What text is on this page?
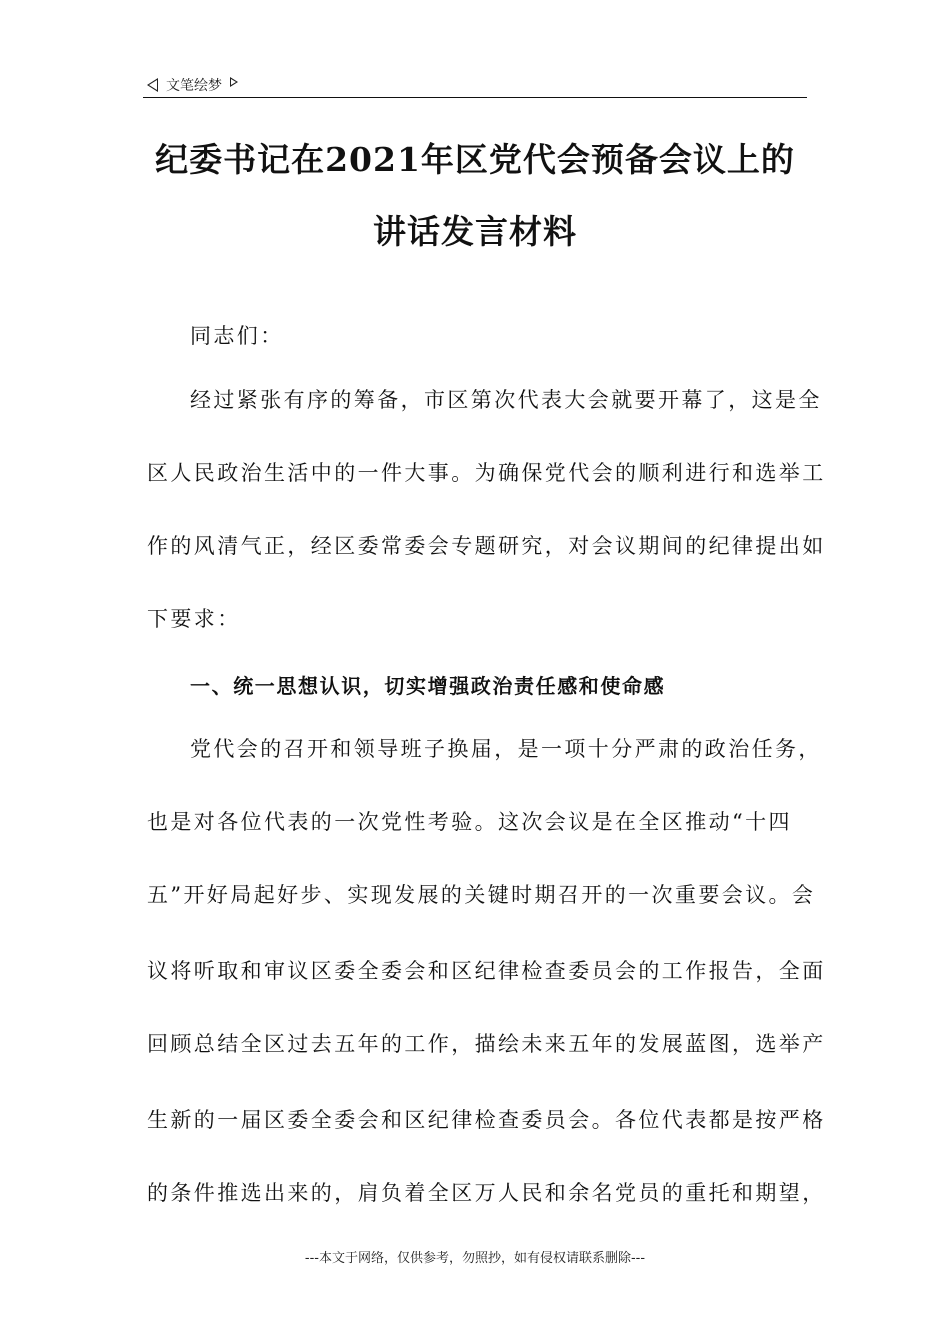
文笔绘梦
纪委书记在2021年区党代会预备会议上的
讲话发言材料
同志们：
经过紧张有序的筹备，市区第次代表大会就要开幕了，这是全
区人民政治生活中的一件大事。为确保党代会的顺利进行和选举工
作的风清气正，经区委常委会专题研究，对会议期间的纪律提出如
下要求：
一、统一思想认识，切实增强政治责任感和使命感
党代会的召开和领导班子换届，是一项十分严肃的政治任务，
也是对各位代表的一次党性考验。这次会议是在全区推动“十四
五”开好局起好步、实现发展的关键时期召开的一次重要会议。会
议将听取和审议区委全委会和区纪律检查委员会的工作报告，全面
回顾总结全区过去五年的工作，描绘未来五年的发展蓝图，选举产
生新的一届区委全委会和区纪律检查委员会。各位代表都是按严格
的条件推选出来的，肩负着全区万人民和余名党员的重托和期望，
---本文于网络，仅供参考，勿照抄，如有侵权请联系删除---
